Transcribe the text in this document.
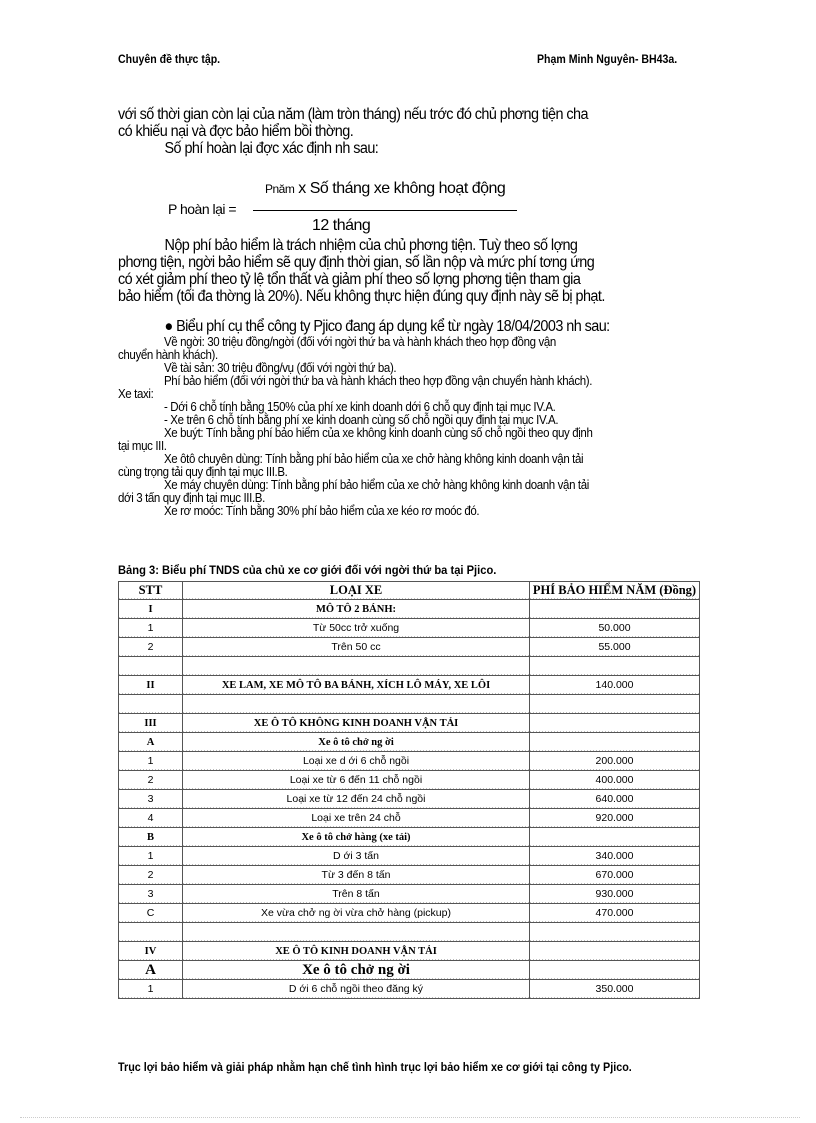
Chuyên đề thực tập.	Phạm Minh Nguyên- BH43a.
với số thời gian còn lại của năm (làm tròn tháng) nếu trớc đó chủ phơng tiện cha
có khiếu nại và đợc bảo hiểm bồi thờng.
Số phí hoàn lại đợc xác định nh sau:
Pnăm x Số tháng xe không hoạt động
P hoàn lại =
12 tháng
Nộp phí bảo hiểm là trách nhiệm của chủ phơng tiện. Tuỳ theo số lợng
phơng tiện, ngời bảo hiểm sẽ quy định thời gian, số lần nộp và mức phí tơng ứng
có xét giảm phí theo tỷ lệ tổn thất và giảm phí theo số lợng phơng tiện tham gia
bảo hiểm (tối đa thờng là 20%). Nếu không thực hiện đúng quy định này sẽ bị phạt.
● Biểu phí cụ thể công ty Pjico đang áp dụng kể từ ngày 18/04/2003 nh sau:
Về ngời: 30 triệu đồng/ngời (đối với ngời thứ ba và hành khách theo hợp đồng vận
chuyển hành khách).
Về tài sản: 30 triệu đồng/vụ (đối với ngời thứ ba).
Phí bảo hiểm (đối với ngời thứ ba và hành khách theo hợp đồng vận chuyển hành khách).
Xe taxi:
- Dới 6 chỗ tính bằng 150% của phí xe kinh doanh dới 6 chỗ quy định tại mục IV.A.
- Xe trên 6 chỗ tính bằng phí xe kinh doanh cùng số chỗ ngồi quy định tại mục IV.A.
Xe buýt: Tính bằng phí bảo hiểm của xe không kinh doanh cùng số chỗ ngồi theo quy định
tại mục III.
Xe ôtô chuyên dùng: Tính bằng phí bảo hiểm của xe chở hàng không kinh doanh vận tải
cùng trọng tải quy định tại mục III.B.
Xe máy chuyên dùng: Tính bằng phí bảo hiểm của xe chở hàng không kinh doanh vận tải
dới 3 tấn quy định tại mục III.B.
Xe rơ moóc: Tính bằng 30% phí bảo hiểm của xe kéo rơ moóc đó.
Bảng 3: Biểu phí TNDS của chủ xe cơ giới đối với ngời thứ ba tại Pjico.
STT	LOẠI XE	PHÍ BẢO HIỂM NĂM (Đồng)
I	MÔ TÔ 2 BÁNH:	
1	Từ 50cc trở xuống	50.000
2	Trên 50 cc	55.000

II	XE LAM, XE MÔ TÔ BA BÁNH, XÍCH LÔ MÁY, XE LÔI	140.000

III	XE Ô TÔ KHÔNG KINH DOANH VẬN TẢI	
A	Xe ô tô chở ng ời	
1	Loại xe d ới 6 chỗ ngồi	200.000
2	Loại xe từ 6 đến 11 chỗ ngồi	400.000
3	Loại xe từ 12 đến 24 chỗ ngồi	640.000
4	Loại xe trên 24 chỗ	920.000
B	Xe ô tô chở hàng (xe tải)	
1	D ới 3 tấn	340.000
2	Từ 3 đến 8 tấn	670.000
3	Trên 8 tấn	930.000
C	Xe vừa chở ng ời vừa chở hàng (pickup)	470.000

IV	XE Ô TÔ KINH DOANH VẬN TẢI	
A	Xe ô tô chở ng ời	
1	D ới 6 chỗ ngồi theo đăng ký	350.000
Trục lợi bảo hiểm và giải pháp nhằm hạn chế tình hình trục lợi bảo hiểm xe cơ giới tại công ty Pjico.
